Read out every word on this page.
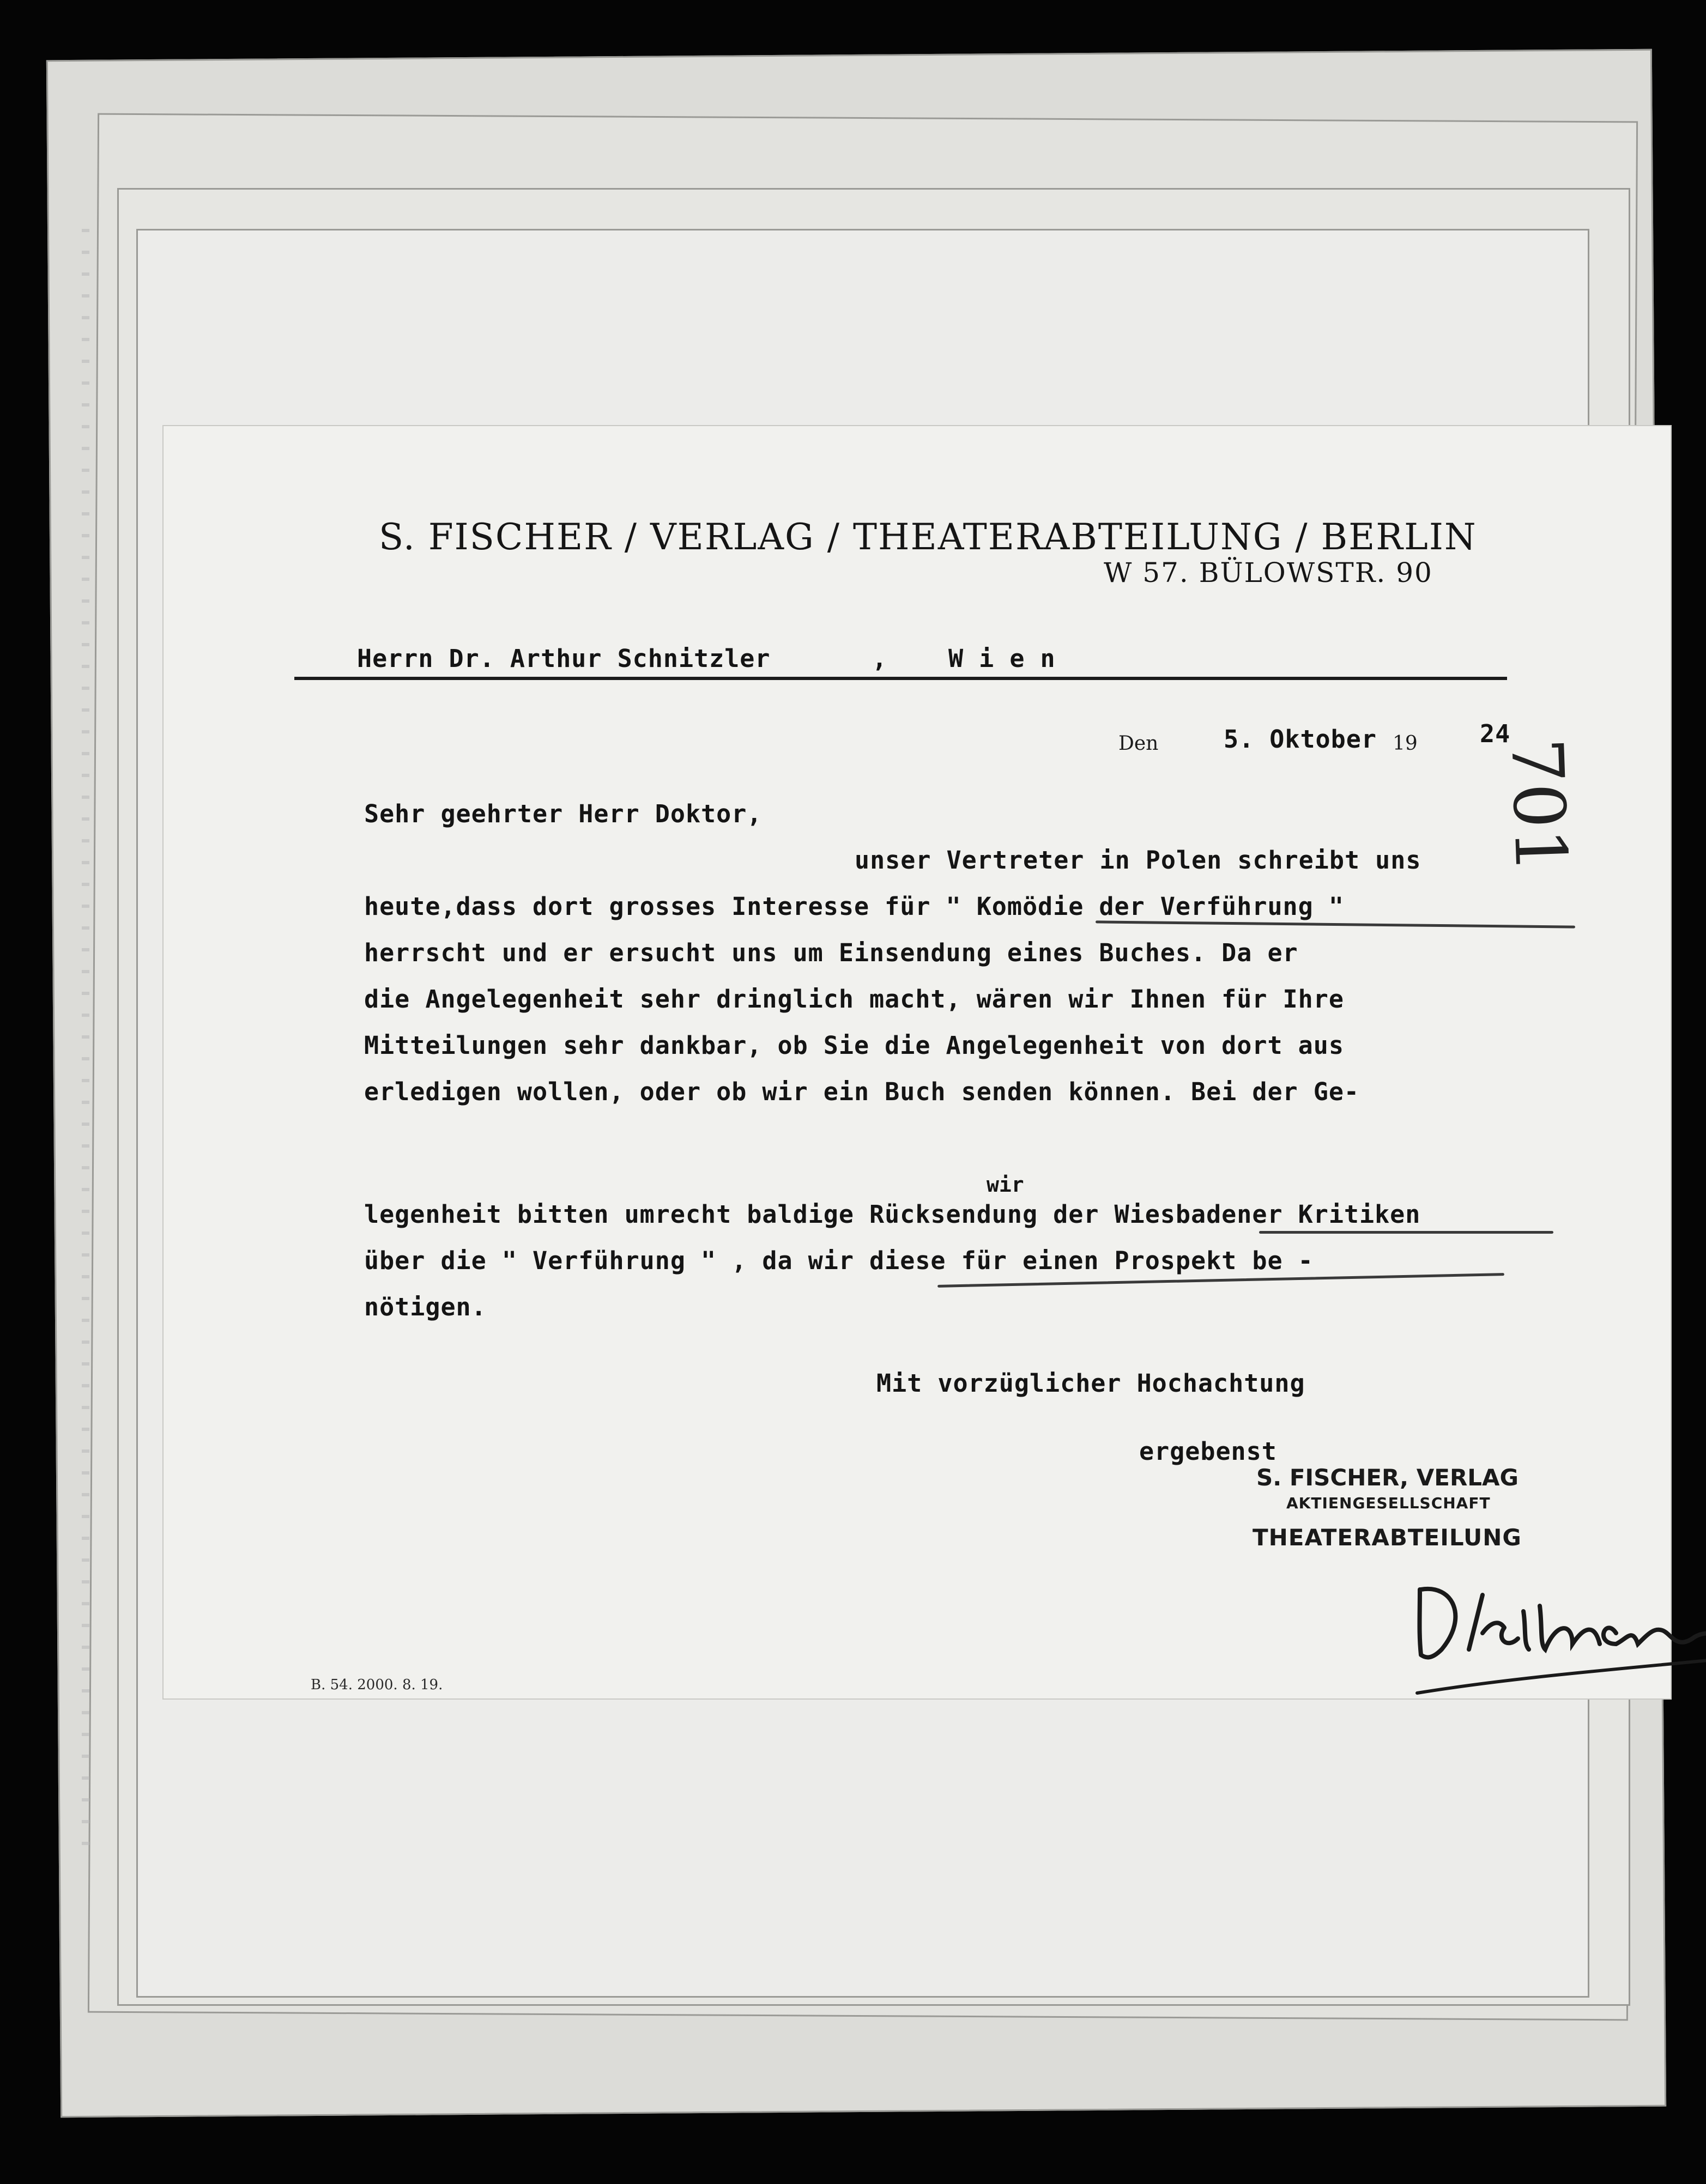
S. FISCHER / VERLAG / THEATERABTEILUNG / BERLIN
W 57. BÜLOWSTR. 90
Herrn Dr. Arthur Schnitzler	, W i e n
Den	5. Oktober 19	24
Sehr geehrter Herr Doktor,
unser Vertreter in Polen schreibt uns
heute,dass dort grosses Interesse für " Komödie der Verführung "
herrscht und er ersucht uns um Einsendung eines Buches. Da er
die Angelegenheit sehr dringlich macht, wären wir Ihnen für Ihre
Mitteilungen sehr dankbar, ob Sie die Angelegenheit von dort aus
erledigen wollen, oder ob wir ein Buch senden können. Bei der Ge-
wir
legenheit bitten umrecht baldige Rücksendung der Wiesbadener Kritiken
über die " Verführung " , da wir diese für einen Prospekt be -
nötigen.
Mit vorzüglicher Hochachtung
ergebenst
S. FISCHER, VERLAG
AKTIENGESELLSCHAFT
THEATERABTEILUNG
701
B. 54. 2000. 8. 19.
